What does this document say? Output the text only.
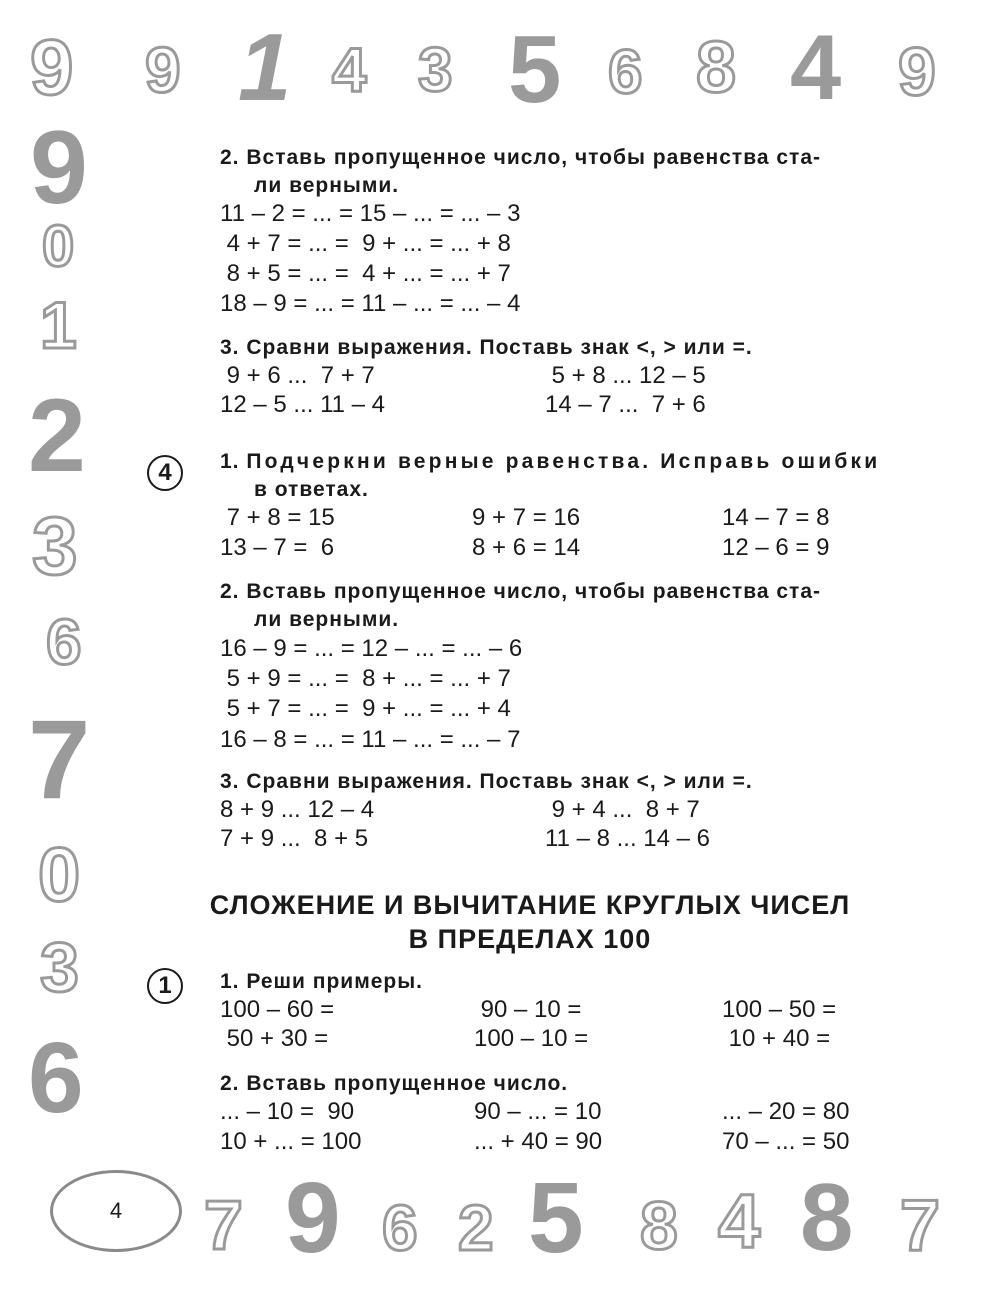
9 9 1 4 3 5 6 8 4 9
9
0
1
2
3
6
7
0
3
6
7 9 6 2 5 8 4 8 7
4
2. Вставь пропущенное число, чтобы равенства ста-
ли верными.
11 – 2 = ... = 15 – ... = ... – 3
4 + 7 = ... =  9 + ... = ... + 8
8 + 5 = ... =  4 + ... = ... + 7
18 – 9 = ... = 11 – ... = ... – 4
3. Сравни выражения. Поставь знак <, > или =.
9 + 6 ...  7 + 7
12 – 5 ... 11 – 4
5 + 8 ... 12 – 5
14 – 7 ...  7 + 6
4	1. Подчеркни верные равенства. Исправь ошибки
в ответах.
7 + 8 = 15
13 – 7 =  6
9 + 7 = 16
8 + 6 = 14
14 – 7 = 8
12 – 6 = 9
2. Вставь пропущенное число, чтобы равенства ста-
ли верными.
16 – 9 = ... = 12 – ... = ... – 6
5 + 9 = ... =  8 + ... = ... + 7
5 + 7 = ... =  9 + ... = ... + 4
16 – 8 = ... = 11 – ... = ... – 7
3. Сравни выражения. Поставь знак <, > или =.
8 + 9 ... 12 – 4
7 + 9 ...  8 + 5
9 + 4 ...  8 + 7
11 – 8 ... 14 – 6
СЛОЖЕНИЕ И ВЫЧИТАНИЕ КРУГЛЫХ ЧИСЕЛ
В ПРЕДЕЛАХ 100
1	1. Реши примеры.
100 – 60 =
50 + 30 =
90 – 10 =
100 – 10 =
100 – 50 =
10 + 40 =
2. Вставь пропущенное число.
... – 10 =  90
10 + ... = 100
90 – ... = 10
... + 40 = 90
... – 20 = 80
70 – ... = 50
